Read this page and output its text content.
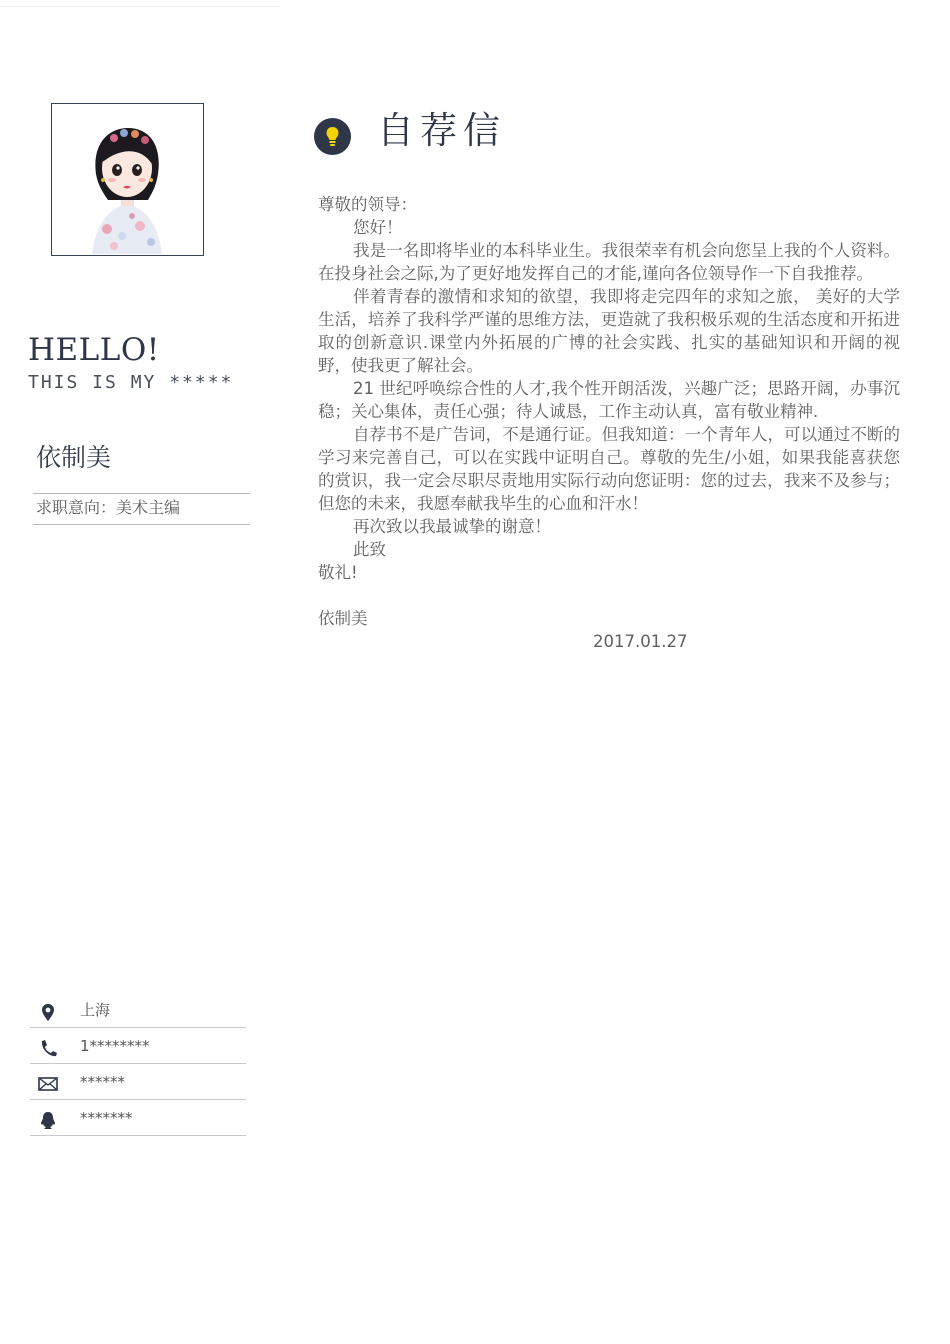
HELLO!
THIS IS MY *****
依制美
求职意向：美术主编
上海
1********
******
*******
自荐信

尊敬的领导：

您好！

我是一名即将毕业的本科毕业生。我很荣幸有机会向您呈上我的个人资料。在投身社会之际,为了更好地发挥自己的才能,谨向各位领导作一下自我推荐。

伴着青春的激情和求知的欲望，我即将走完四年的求知之旅， 美好的大学生活，培养了我科学严谨的思维方法，更造就了我积极乐观的生活态度和开拓进取的创新意识.课堂内外拓展的广博的社会实践、扎实的基础知识和开阔的视野，使我更了解社会。

21 世纪呼唤综合性的人才,我个性开朗活泼，兴趣广泛；思路开阔，办事沉稳；关心集体，责任心强；待人诚恳，工作主动认真，富有敬业精神.

自荐书不是广告词，不是通行证。但我知道：一个青年人，可以通过不断的学习来完善自己，可以在实践中证明自己。尊敬的先生/小姐，如果我能喜获您的赏识，我一定会尽职尽责地用实际行动向您证明：您的过去，我来不及参与；但您的未来，我愿奉献我毕生的心血和汗水！

再次致以我最诚挚的谢意！

此致

敬礼!

依制美

2017.01.27
